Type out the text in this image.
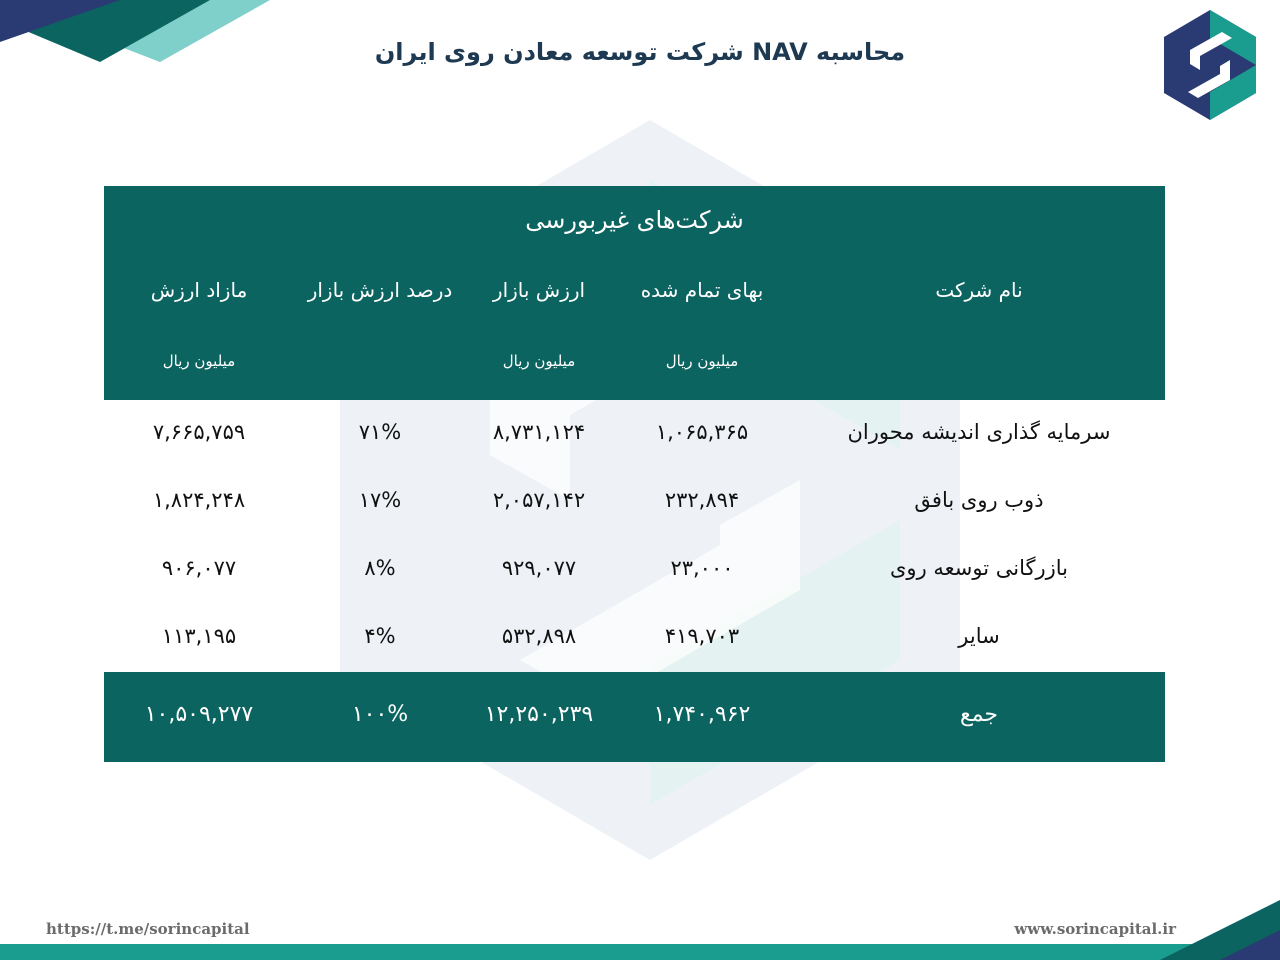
محاسبه NAV شرکت توسعه معادن روی ایران
شرکت‌های غیربورسی
نام شرکت
بهای تمام شده
ارزش بازار
درصد ارزش بازار
مازاد ارزش
میلیون ریال
میلیون ریال
میلیون ریال
سرمایه گذاری اندیشه محوران
۱,۰۶۵,۳۶۵
۸,۷۳۱,۱۲۴
۷۱%
۷,۶۶۵,۷۵۹
ذوب روی بافق
۲۳۲,۸۹۴
۲,۰۵۷,۱۴۲
۱۷%
۱,۸۲۴,۲۴۸
بازرگانی توسعه روی
۲۳,۰۰۰
۹۲۹,۰۷۷
۸%
۹۰۶,۰۷۷
سایر
۴۱۹,۷۰۳
۵۳۲,۸۹۸
۴%
۱۱۳,۱۹۵
جمع
۱,۷۴۰,۹۶۲
۱۲,۲۵۰,۲۳۹
۱۰۰%
۱۰,۵۰۹,۲۷۷
https://t.me/sorincapital	www.sorincapital.ir
